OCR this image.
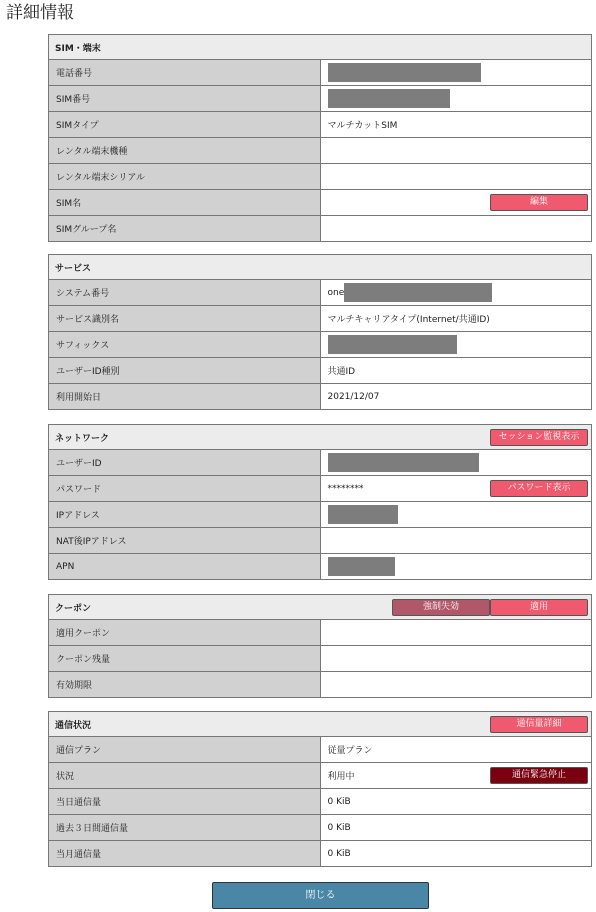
詳細情報
SIM・端末	
電話番号	
SIM番号	
SIMタイプ	マルチカットSIM
レンタル端末機種	
レンタル端末シリアル	
SIM名	編集

SIMグループ名	
サービス	
システム番号	one
サービス識別名	マルチキャリアタイプ(Internet/共通ID)
サフィックス	
ユーザーID種別	共通ID
利用開始日	2021/12/07
ネットワーク セッション監視表示	

ユーザーID	
パスワード	******** パスワード表示

IPアドレス	
NAT後IPアドレス	
APN	
クーポン 強制失効 適用	

適用クーポン	
クーポン残量	
有効期限	
通信状況 通信量詳細	

通信プラン	従量プラン
状況	利用中 通信緊急停止

当日通信量	0 KiB
過去３日間通信量	0 KiB
当月通信量	0 KiB
閉じる
